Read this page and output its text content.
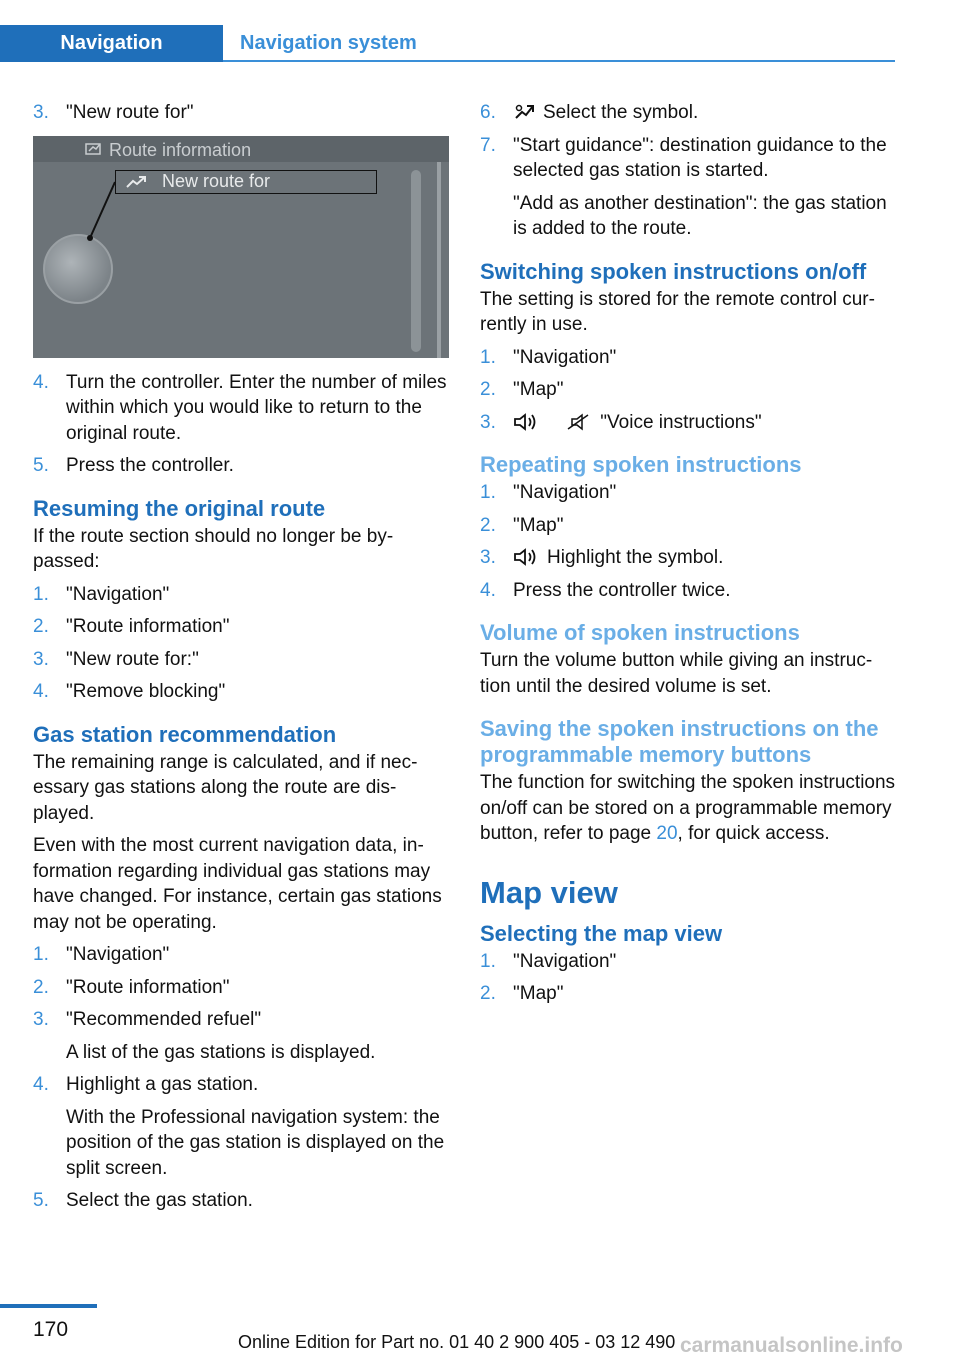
Navigation	Navigation system
3. "New route for"
Route information
New route for
4. Turn the controller. Enter the number of miles within which you would like to return to the original route.
5. Press the controller.
Resuming the original route

If the route section should no longer be bypassed:

1. "Navigation"
2. "Route information"
3. "New route for:"
4. "Remove blocking"
Gas station recommendation

The remaining range is calculated, and if necessary gas stations along the route are displayed.

Even with the most current navigation data, information regarding individual gas stations may have changed. For instance, certain gas stations may not be operating.

1. "Navigation"
2. "Route information"
3. "Recommended refuel"
A list of the gas stations is displayed.
4. Highlight a gas station.
With the Professional navigation system: the position of the gas station is displayed on the split screen.
5. Select the gas station.
6. Select the symbol.
7. "Start guidance": destination guidance to the selected gas station is started.
"Add as another destination": the gas station is added to the route.
Switching spoken instructions on/off

The setting is stored for the remote control currently in use.

1. "Navigation"
2. "Map"
3.	"Voice instructions"
Repeating spoken instructions
1. "Navigation"
2. "Map"
3.	Highlight the symbol.
4. Press the controller twice.
Volume of spoken instructions

Turn the volume button while giving an instruction until the desired volume is set.

Saving the spoken instructions on the programmable memory buttons

The function for switching the spoken instructions on/off can be stored on a programmable memory button, refer to page 20, for quick access.

Map view
Selecting the map view
1. "Navigation"
2. "Map"
170
Online Edition for Part no. 01 40 2 900 405 - 03 12 490 carmanualsonline.info
